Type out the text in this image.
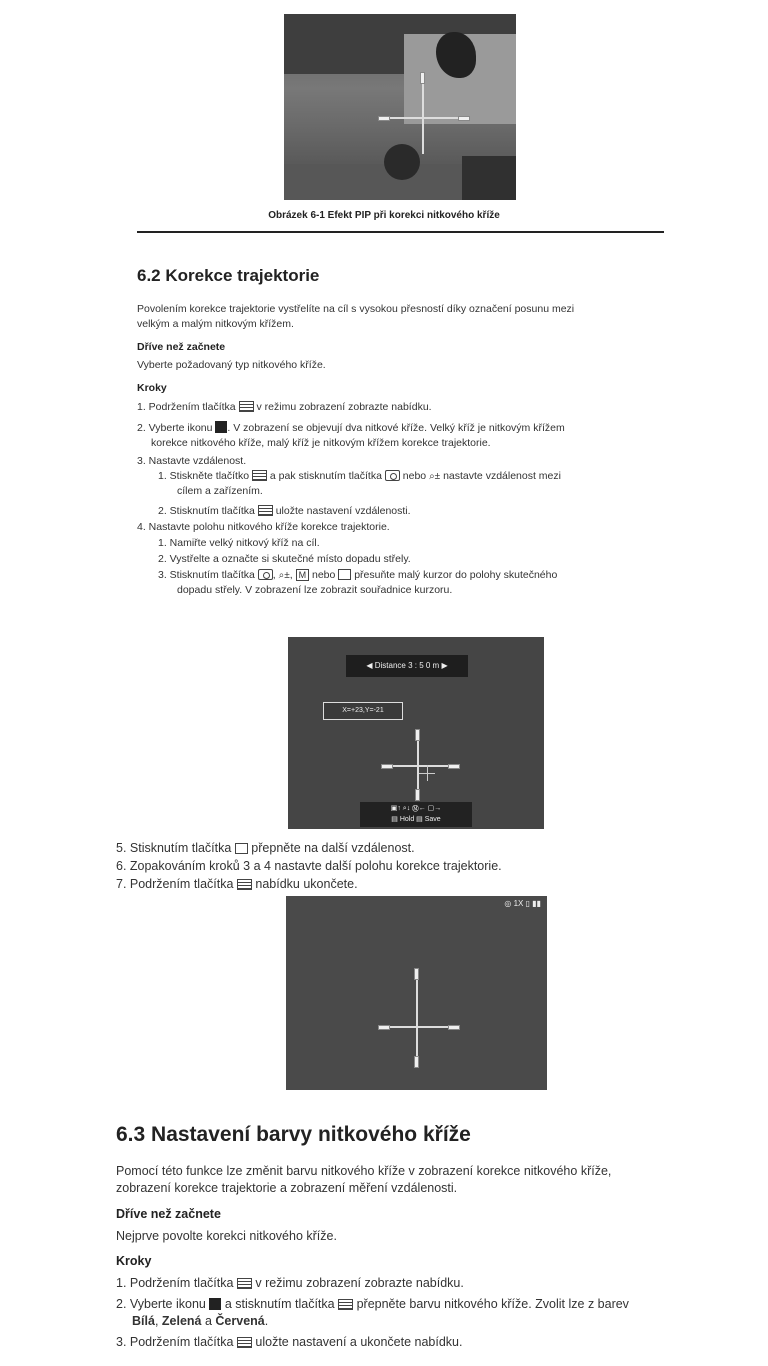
Obrázek 6-1 Efekt PIP při korekci nitkového kříže
6.2 Korekce trajektorie
Povolením korekce trajektorie vystřelíte na cíl s vysokou přesností díky označení posunu mezi
velkým a malým nitkovým křížem.
Dříve než začnete
Vyberte požadovaný typ nitkového kříže.
Kroky
1. Podržením tlačítka v režimu zobrazení zobrazte nabídku.
2. Vyberte ikonu . V zobrazení se objevují dva nitkové kříže. Velký kříž je nitkovým křížem
korekce nitkového kříže, malý kříž je nitkovým křížem korekce trajektorie.
3. Nastavte vzdálenost.
1. Stiskněte tlačítko a pak stisknutím tlačítka nebo ⌕± nastavte vzdálenost mezi
cílem a zařízením.
2. Stisknutím tlačítka uložte nastavení vzdálenosti.
4. Nastavte polohu nitkového kříže korekce trajektorie.
1. Namiřte velký nitkový kříž na cíl.
2. Vystřelte a označte si skutečné místo dopadu střely.
3. Stisknutím tlačítka , ⌕±, M nebo přesuňte malý kurzor do polohy skutečného
dopadu střely. V zobrazení lze zobrazit souřadnice kurzoru.
◀ Distance 3 : 5 0 m ▶
X=+23,Y=-21
▣↑ ⌕↓ Ⓜ← ▢→
▤ Hold ▤ Save
5. Stisknutím tlačítka přepněte na další vzdálenost.
6. Zopakováním kroků 3 a 4 nastavte další polohu korekce trajektorie.
7. Podržením tlačítka nabídku ukončete.
◎ 1X ▯ ▮▮
6.3 Nastavení barvy nitkového kříže
Pomocí této funkce lze změnit barvu nitkového kříže v zobrazení korekce nitkového kříže,
zobrazení korekce trajektorie a zobrazení měření vzdálenosti.
Dříve než začnete
Nejprve povolte korekci nitkového kříže.
Kroky
1. Podržením tlačítka v režimu zobrazení zobrazte nabídku.
2. Vyberte ikonu a stisknutím tlačítka přepněte barvu nitkového kříže. Zvolit lze z barev
Bílá, Zelená a Červená.
3. Podržením tlačítka uložte nastavení a ukončete nabídku.
